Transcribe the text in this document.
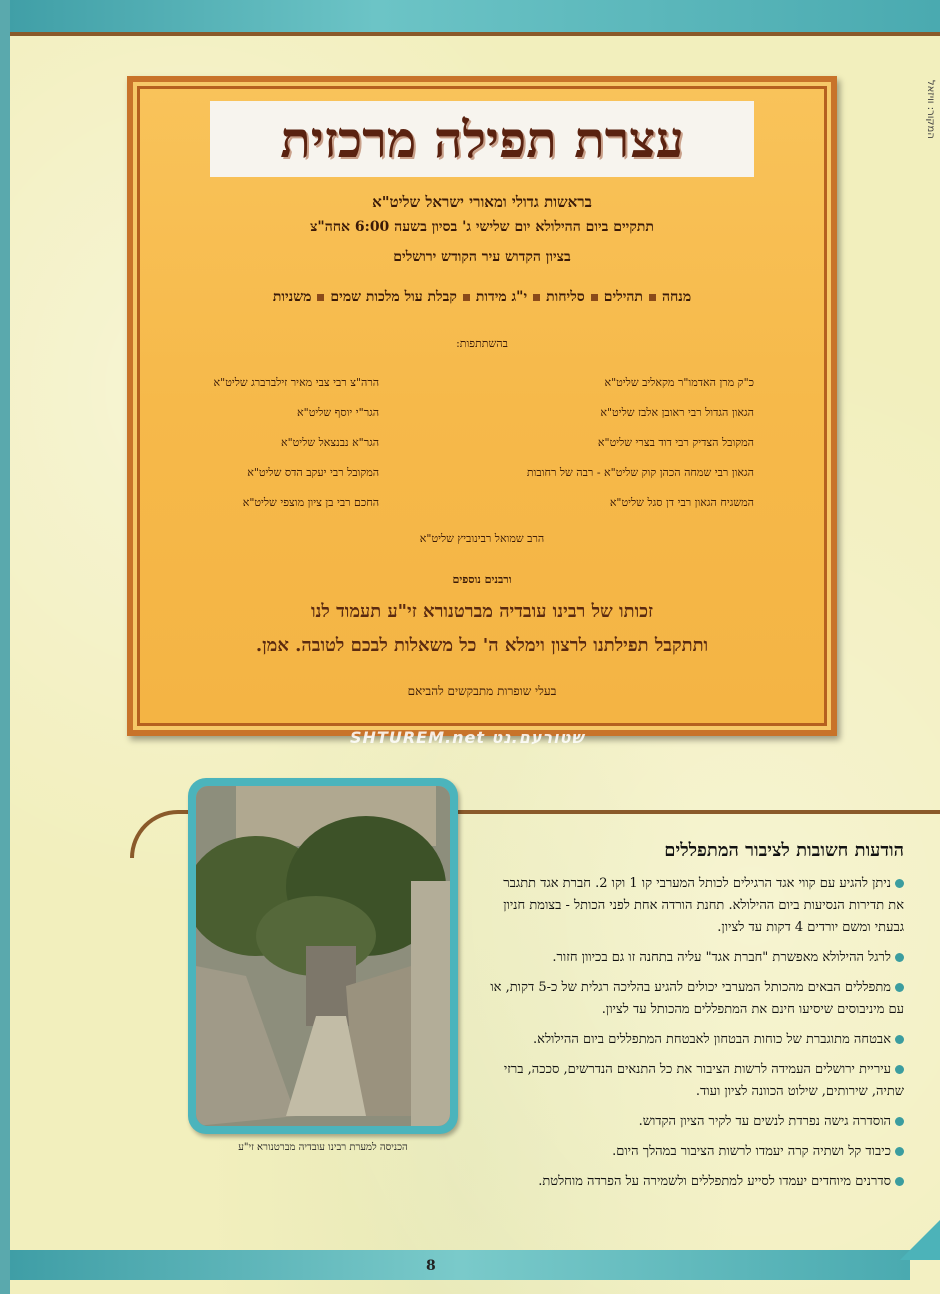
המקור: וויזאל
עצרת תפילה מרכזית
בראשות גדולי ומאורי ישראל שליט"א
תתקיים ביום ההילולא יום שלישי ג' בסיון בשעה 6:00 אחה"צ
בציון הקדוש עיר הקודש ירושלים
מנחה
תהילים
סליחות
י"ג מידות
קבלת עול מלכות שמים
משניות
בהשתתפות:
כ"ק מרן האדמו"ר מקאליב שליט"א
הרה"צ רבי צבי מאיר זילברברג שליט"א
הגאון הגדול רבי ראובן אלבז שליט"א
הגר"י יוסף שליט"א
המקובל הצדיק רבי דוד בצרי שליט"א
הגר"א נבנצאל שליט"א
הגאון רבי שמחה הכהן קוק שליט"א - רבה של רחובות
המקובל רבי יעקב הדס שליט"א
המשגיח הגאון רבי דן סגל שליט"א
החכם רבי בן ציון מוצפי שליט"א
הרב שמואל רבינוביץ שליט"א
ורבנים נוספים
זכותו של רבינו עובדיה מברטנורא זי"ע תעמוד לנו
ותתקבל תפילתנו לרצון וימלא ה' כל משאלות לבכם לטובה. אמן.
בעלי שופרות מתבקשים להביאם
SHTUREM.net שטורעם.נט
הכניסה למערת רבינו עובדיה מברטנורא זי"ע
הודעות חשובות לציבור המתפללים
ניתן להגיע עם קווי אגד הרגילים לכותל המערבי קו 1 וקו 2. חברת אגד תתגבר את תדירות הנסיעות ביום ההילולא. תחנת הורדה אחת לפני הכותל - בצומת חניון גבעתי ומשם יורדים 4 דקות עד לציון.
לרגל ההילולא מאפשרת "חברת אגד" עליה בתחנה זו גם בכיוון חזור.
מתפללים הבאים מהכותל המערבי יכולים להגיע בהליכה רגלית של כ-5 דקות, או עם מיניבוסים שיסיעו חינם את המתפללים מהכותל עד לציון.
אבטחה מתוגברת של כוחות הבטחון לאבטחת המתפללים ביום ההילולא.
עיריית ירושלים העמידה לרשות הציבור את כל התנאים הנדרשים, סככה, ברזי שתיה, שירותים, שילוט הכוונה לציון ועוד.
הוסדרה גישה נפרדת לנשים עד לקיר הציון הקדוש.
כיבוד קל ושתיה קרה יעמדו לרשות הציבור במהלך היום.
סדרנים מיוחדים יעמדו לסייע למתפללים ולשמירה על הפרדה מוחלטת.
8
